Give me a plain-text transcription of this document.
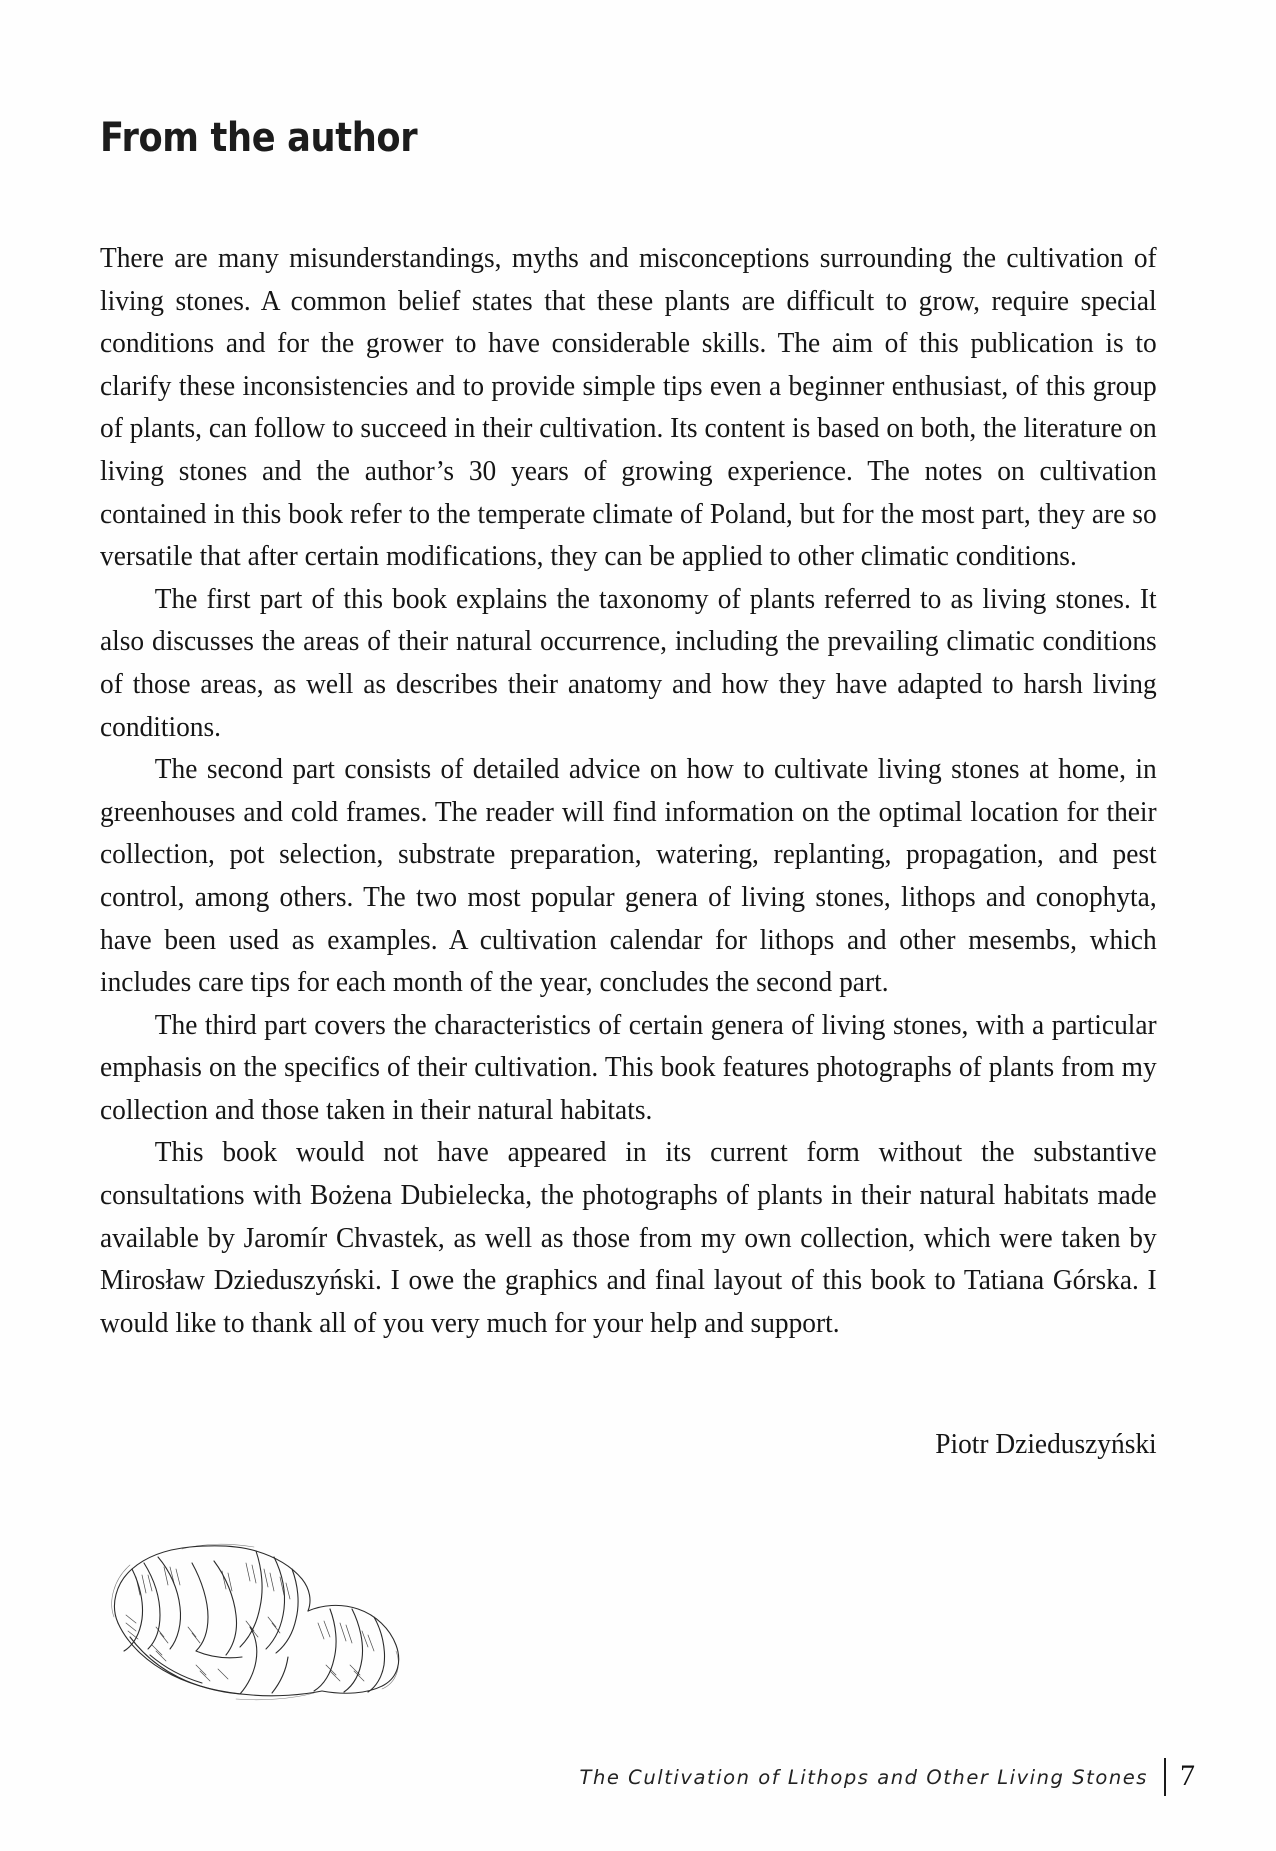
From the author

There are many misunderstandings, myths and misconceptions surrounding the cultivation of living stones. A common belief states that these plants are difficult to grow, require special conditions and for the grower to have considerable skills. The aim of this publication is to clarify these inconsistencies and to provide simple tips even a beginner enthusiast, of this group of plants, can follow to succeed in their cultivation. Its content is based on both, the literature on living stones and the author’s 30 years of growing experience. The notes on cultivation contained in this book refer to the temperate climate of Poland, but for the most part, they are so versatile that after certain modifications, they can be applied to other climatic conditions.

The first part of this book explains the taxonomy of plants referred to as living stones. It also discusses the areas of their natural occurrence, including the prevailing climatic conditions of those areas, as well as describes their anatomy and how they have adapted to harsh living conditions.

The second part consists of detailed advice on how to cultivate living stones at home, in greenhouses and cold frames. The reader will find information on the optimal location for their collection, pot selection, substrate preparation, watering, replanting, propagation, and pest control, among others. The two most popular genera of living stones, lithops and conophyta, have been used as examples. A cultivation calendar for lithops and other mesembs, which includes care tips for each month of the year, concludes the second part.

The third part covers the characteristics of certain genera of living stones, with a particular emphasis on the specifics of their cultivation. This book features photographs of plants from my collection and those taken in their natural habitats.

This book would not have appeared in its current form without the substantive consultations with Bożena Dubielecka, the photographs of plants in their natural habitats made available by Jaromír Chvastek, as well as those from my own collection, which were taken by Mirosław Dzieduszyński. I owe the graphics and final layout of this book to Tatiana Górska. I would like to thank all of you very much for your help and support.

Piotr Dzieduszyński
The Cultivation of Lithops and Other Living Stones 7
